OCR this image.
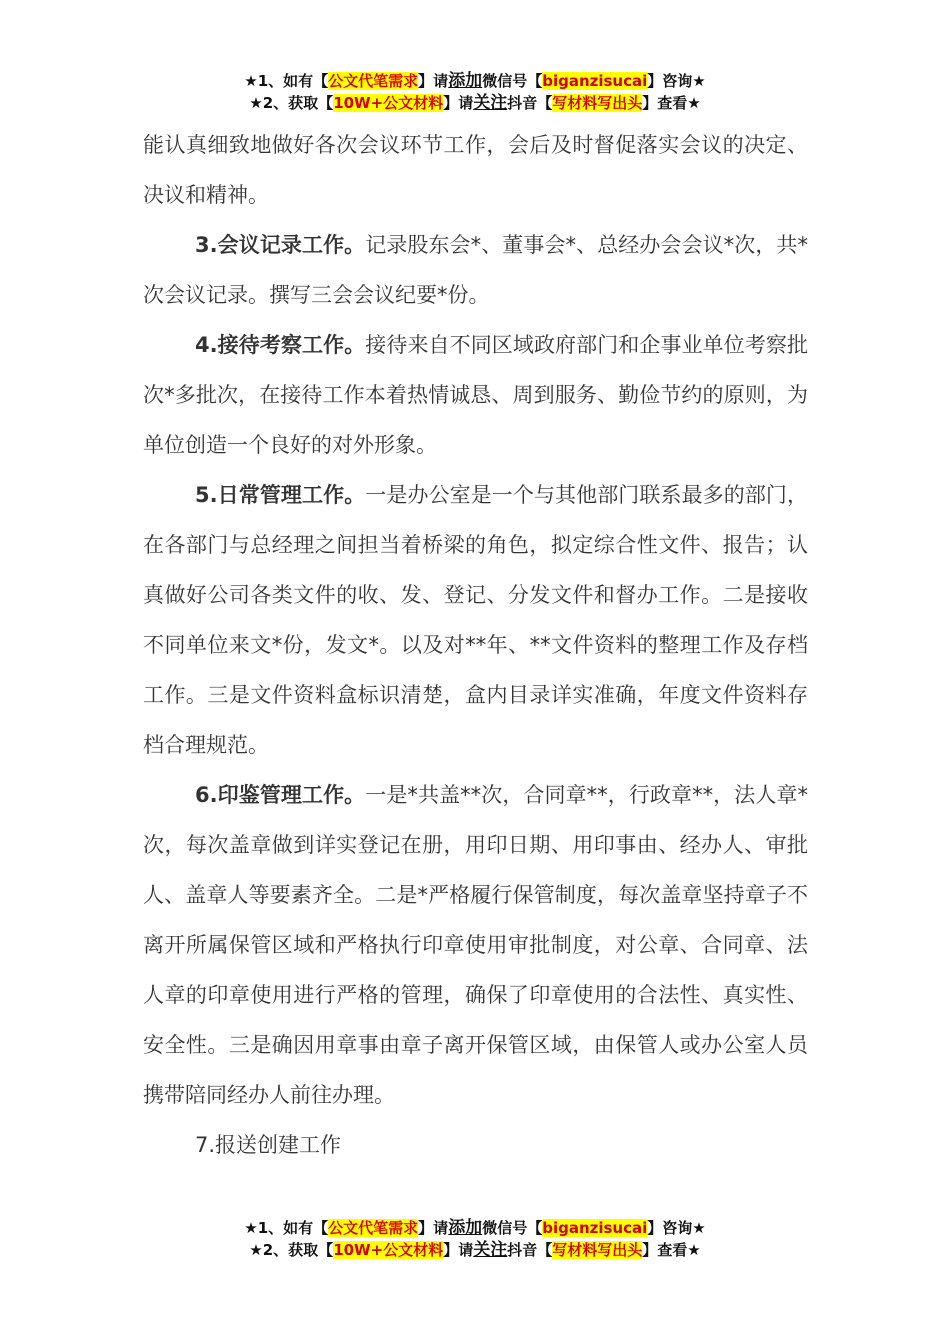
★1、如有【公文代笔需求】请添加微信号【biganzisucai】咨询★
★2、获取【10W+公文材料】请关注抖音【写材料写出头】查看★

能认真细致地做好各次会议环节工作，会后及时督促落实会议的决定、决议和精神。

3.会议记录工作。记录股东会*、董事会*、总经办会会议*次，共*次会议记录。撰写三会会议纪要*份。

4.接待考察工作。接待来自不同区域政府部门和企事业单位考察批次*多批次，在接待工作本着热情诚恳、周到服务、勤俭节约的原则，为单位创造一个良好的对外形象。

5.日常管理工作。一是办公室是一个与其他部门联系最多的部门，在各部门与总经理之间担当着桥梁的角色，拟定综合性文件、报告；认真做好公司各类文件的收、发、登记、分发文件和督办工作。二是接收不同单位来文*份，发文*。以及对**年、**文件资料的整理工作及存档工作。三是文件资料盒标识清楚，盒内目录详实准确，年度文件资料存档合理规范。

6.印鉴管理工作。一是*共盖**次，合同章**，行政章**，法人章*次，每次盖章做到详实登记在册，用印日期、用印事由、经办人、审批人、盖章人等要素齐全。二是*严格履行保管制度，每次盖章坚持章子不离开所属保管区域和严格执行印章使用审批制度，对公章、合同章、法人章的印章使用进行严格的管理，确保了印章使用的合法性、真实性、安全性。三是确因用章事由章子离开保管区域，由保管人或办公室人员携带陪同经办人前往办理。

7.报送创建工作

★1、如有【公文代笔需求】请添加微信号【biganzisucai】咨询★
★2、获取【10W+公文材料】请关注抖音【写材料写出头】查看★
